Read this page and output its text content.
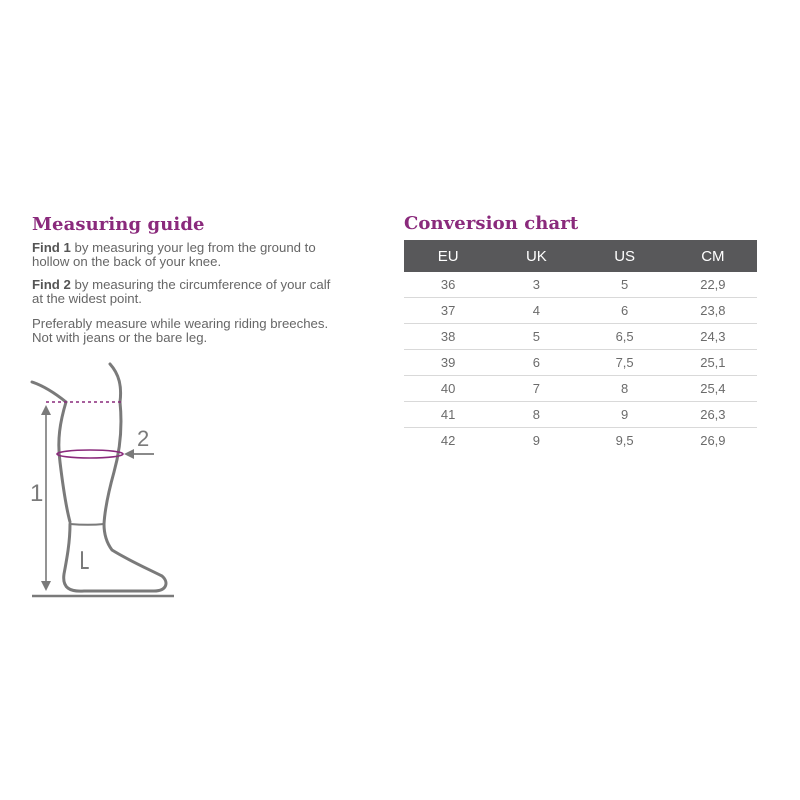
Measuring guide

Find 1 by measuring your leg from the ground to hollow on the back of your knee.

Find 2 by measuring the circumference of your calf at the widest point.

Preferably measure while wearing riding breeches. Not with jeans or the bare leg.

1
2
Conversion chart
EU	UK	US	CM
36	3	5	22,9
37	4	6	23,8
38	5	6,5	24,3
39	6	7,5	25,1
40	7	8	25,4
41	8	9	26,3
42	9	9,5	26,9
